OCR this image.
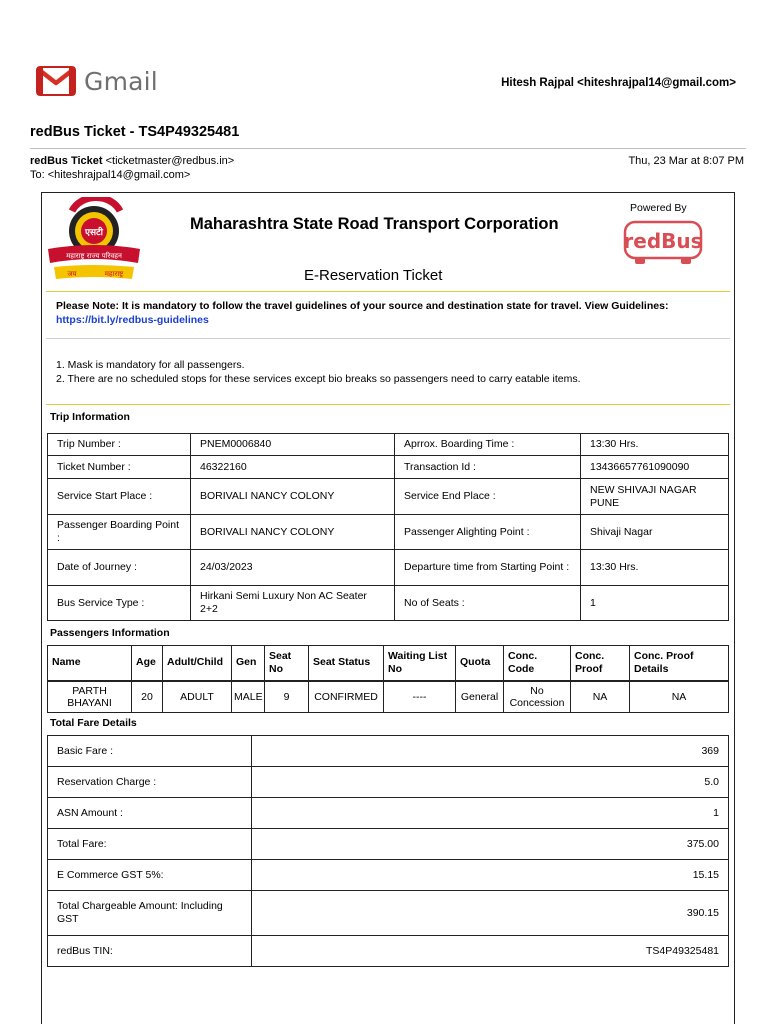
Gmail	Hitesh Rajpal <hiteshrajpal14@gmail.com>
redBus Ticket - TS4P49325481
redBus Ticket <ticketmaster@redbus.in>	Thu, 23 Mar at 8:07 PM
To: <hiteshrajpal14@gmail.com>
एसटी
महाराष्ट्र राज्य परिवहन
जय	महाराष्ट्र
Maharashtra State Road Transport Corporation
Powered By
redBus
E-Reservation Ticket
Please Note: It is mandatory to follow the travel guidelines of your source and destination state for travel. View Guidelines: https://bit.ly/redbus-guidelines
1. Mask is mandatory for all passengers.
2. There are no scheduled stops for these services except bio breaks so passengers need to carry eatable items.
Trip Information
Trip Number :	PNEM0006840	Aprrox. Boarding Time :	13:30 Hrs.
Ticket Number :	46322160	Transaction Id :	13436657761090090
Service Start Place :	BORIVALI NANCY COLONY	Service End Place :	NEW SHIVAJI NAGAR PUNE
Passenger Boarding Point :	BORIVALI NANCY COLONY	Passenger Alighting Point :	Shivaji Nagar
Date of Journey :	24/03/2023	Departure time from Starting Point :	13:30 Hrs.
Bus Service Type :	Hirkani Semi Luxury Non AC Seater 2+2	No of Seats :	1
Passengers Information
Name	Age	Adult/Child	Gen	Seat No	Seat Status	Waiting List No	Quota	Conc. Code	Conc. Proof	Conc. Proof Details
PARTH BHAYANI	20	ADULT	MALE	9	CONFIRMED	----	General	No Concession	NA	NA
Total Fare Details
Basic Fare :	369
Reservation Charge :	5.0
ASN Amount :	1
Total Fare:	375.00
E Commerce GST 5%:	15.15
Total Chargeable Amount: Including GST	390.15
redBus TIN:	TS4P49325481
